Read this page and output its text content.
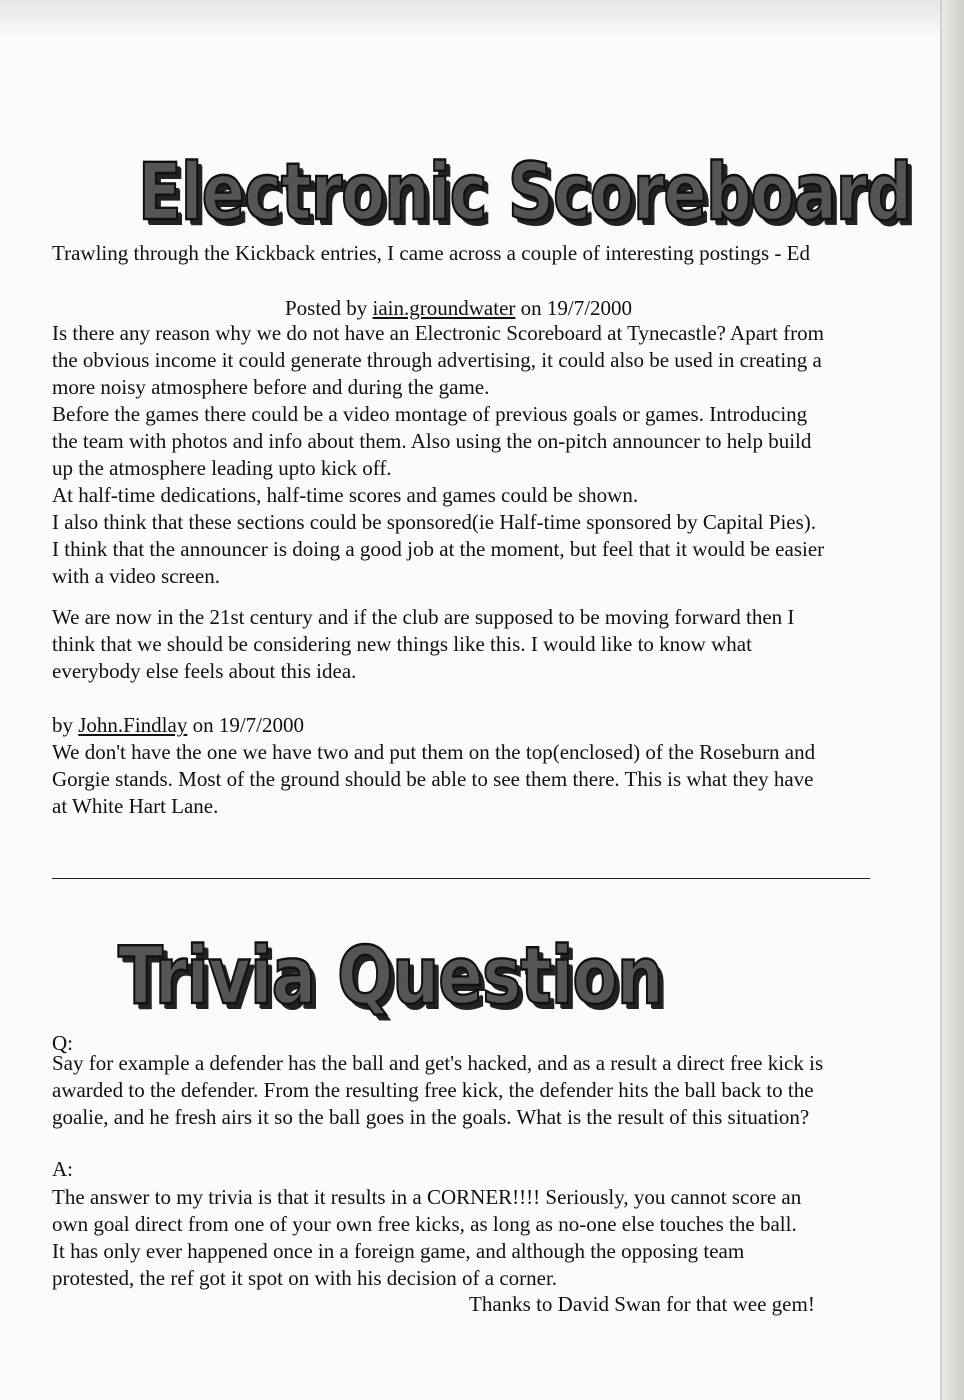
Electronic Scoreboard

Trawling through the Kickback entries, I came across a couple of interesting postings - Ed

Posted by iain.groundwater on 19/7/2000

Is there any reason why we do not have an Electronic Scoreboard at Tynecastle? Apart from
the obvious income it could generate through advertising, it could also be used in creating a
more noisy atmosphere before and during the game.
Before the games there could be a video montage of previous goals or games. Introducing
the team with photos and info about them. Also using the on-pitch announcer to help build
up the atmosphere leading upto kick off.
At half-time dedications, half-time scores and games could be shown.
I also think that these sections could be sponsored(ie Half-time sponsored by Capital Pies).
I think that the announcer is doing a good job at the moment, but feel that it would be easier
with a video screen.

We are now in the 21st century and if the club are supposed to be moving forward then I
think that we should be considering new things like this. I would like to know what
everybody else feels about this idea.

by John.Findlay on 19/7/2000

We don't have the one we have two and put them on the top(enclosed) of the Roseburn and
Gorgie stands. Most of the ground should be able to see them there. This is what they have
at White Hart Lane.

Trivia Question

Q:

Say for example a defender has the ball and get's hacked, and as a result a direct free kick is
awarded to the defender. From the resulting free kick, the defender hits the ball back to the
goalie, and he fresh airs it so the ball goes in the goals. What is the result of this situation?

A:

The answer to my trivia is that it results in a CORNER!!!! Seriously, you cannot score an
own goal direct from one of your own free kicks, as long as no-one else touches the ball.
It has only ever happened once in a foreign game, and although the opposing team
protested, the ref got it spot on with his decision of a corner.

Thanks to David Swan for that wee gem!
